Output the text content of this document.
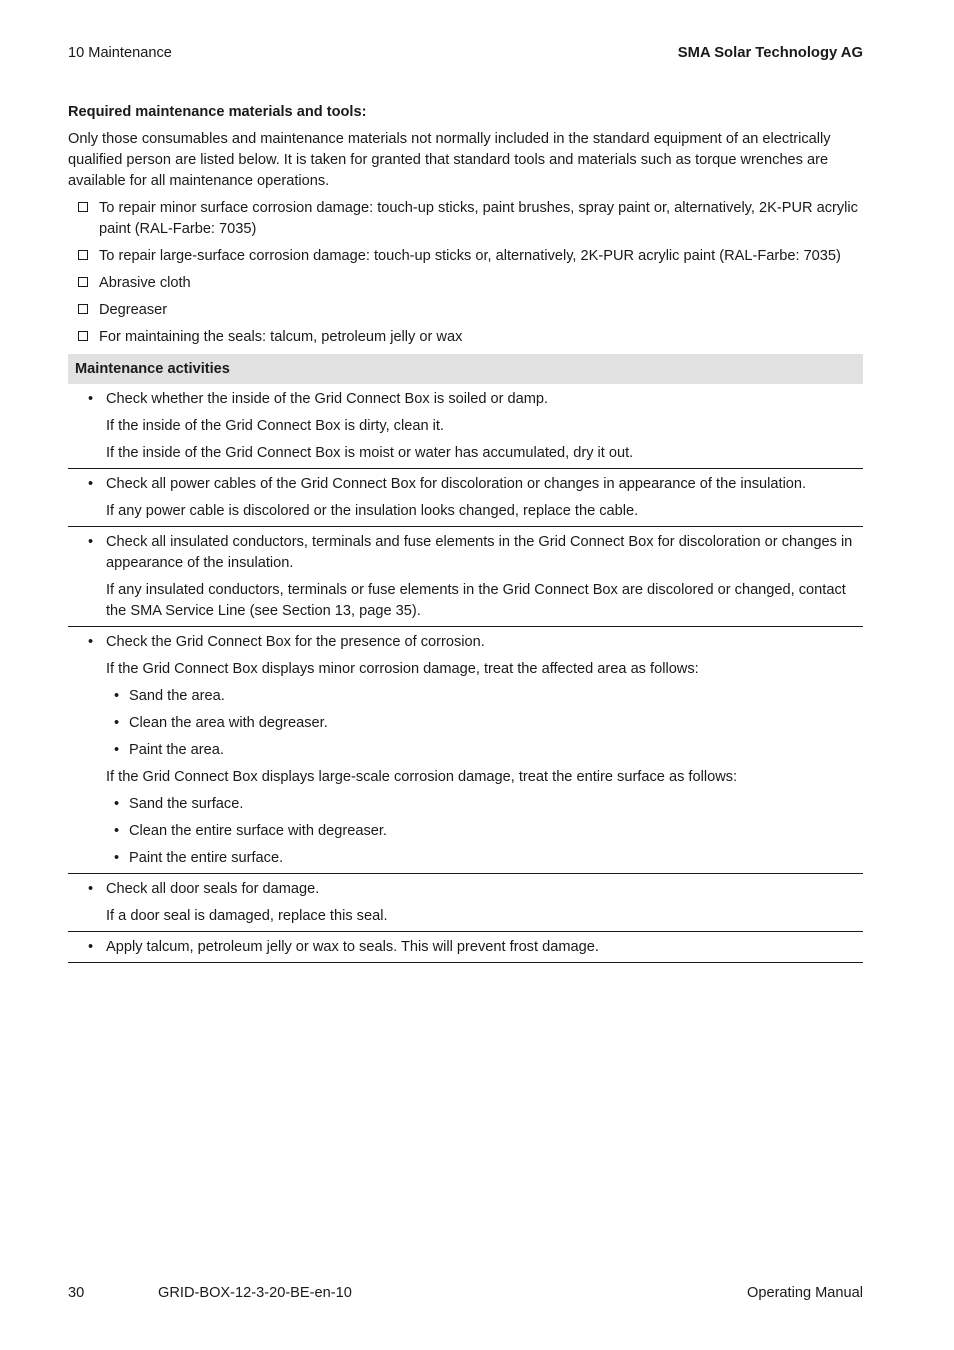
10 Maintenance	SMA Solar Technology AG
Required maintenance materials and tools:

Only those consumables and maintenance materials not normally included in the standard equipment of an electrically qualified person are listed below. It is taken for granted that standard tools and materials such as torque wrenches are available for all maintenance operations.

To repair minor surface corrosion damage: touch-up sticks, paint brushes, spray paint or, alternatively, 2K-PUR acrylic paint (RAL-Farbe: 7035)
To repair large-surface corrosion damage: touch-up sticks or, alternatively, 2K-PUR acrylic paint (RAL-Farbe: 7035)
Abrasive cloth
Degreaser
For maintaining the seals: talcum, petroleum jelly or wax
Maintenance activities

• Check whether the inside of the Grid Connect Box is soiled or damp.

If the inside of the Grid Connect Box is dirty, clean it.

If the inside of the Grid Connect Box is moist or water has accumulated, dry it out.

• Check all power cables of the Grid Connect Box for discoloration or changes in appearance of the insulation.

If any power cable is discolored or the insulation looks changed, replace the cable.

• Check all insulated conductors, terminals and fuse elements in the Grid Connect Box for discoloration or changes in appearance of the insulation.

If any insulated conductors, terminals or fuse elements in the Grid Connect Box are discolored or changed, contact the SMA Service Line (see Section 13, page 35).

• Check the Grid Connect Box for the presence of corrosion.

If the Grid Connect Box displays minor corrosion damage, treat the affected area as follows:

• Sand the area.

• Clean the area with degreaser.

• Paint the area.

If the Grid Connect Box displays large-scale corrosion damage, treat the entire surface as follows:

• Sand the surface.

• Clean the entire surface with degreaser.

• Paint the entire surface.

• Check all door seals for damage.

If a door seal is damaged, replace this seal.

• Apply talcum, petroleum jelly or wax to seals. This will prevent frost damage.

30	GRID-BOX-12-3-20-BE-en-10	Operating Manual
